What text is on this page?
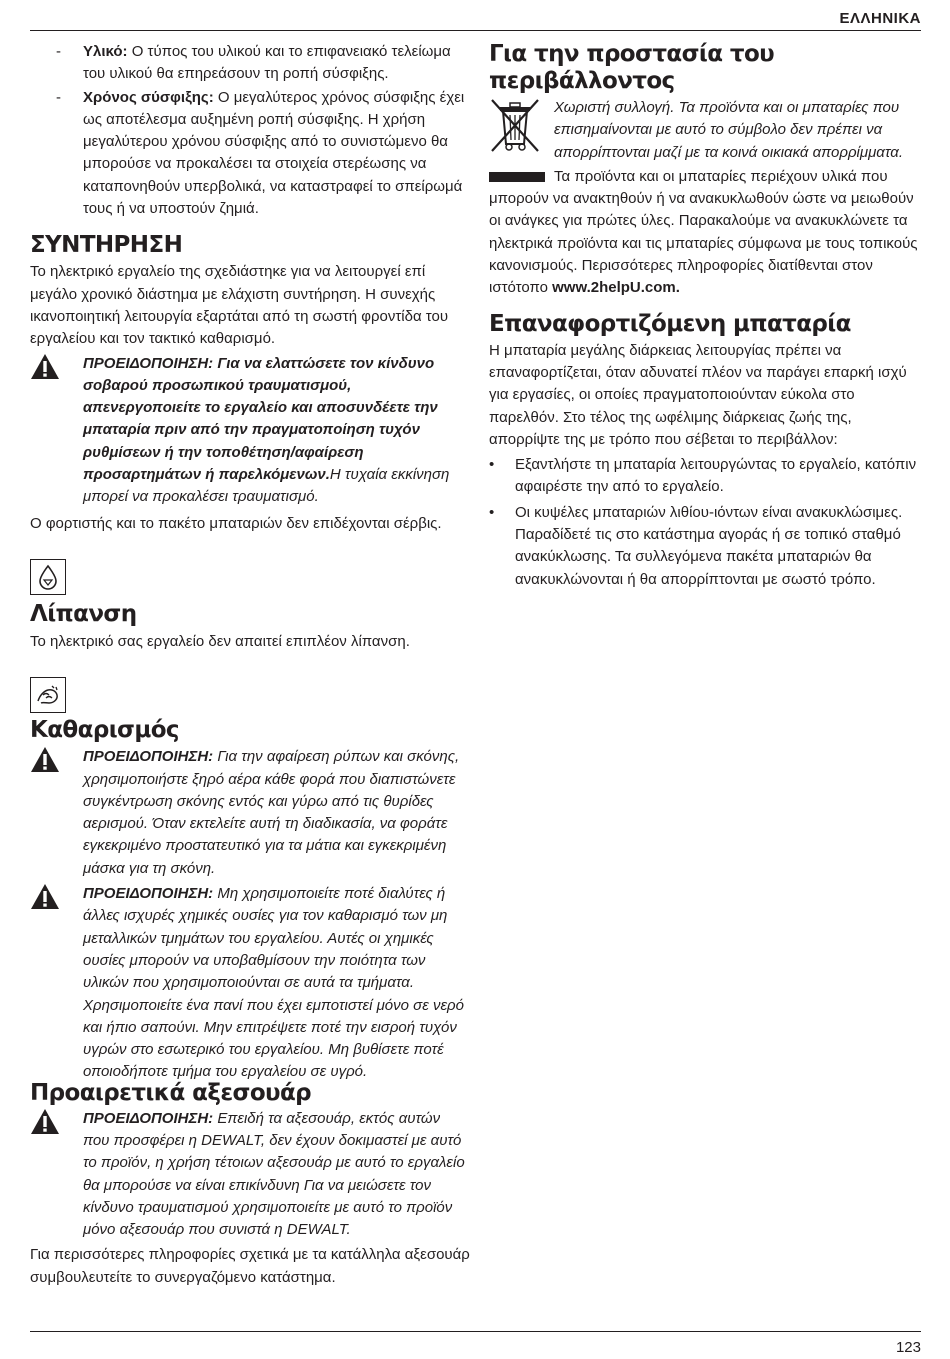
ΕΛΛΗΝΙΚΑ
- Υλικό: Ο τύπος του υλικού και το επιφανειακό τελείωμα του υλικού θα επηρεάσουν τη ροπή σύσφιξης.

- Χρόνος σύσφιξης: Ο μεγαλύτερος χρόνος σύσφιξης έχει ως αποτέλεσμα αυξημένη ροπή σύσφιξης. Η χρήση μεγαλύτερου χρόνου σύσφιξης από το συνιστώμενο θα μπορούσε να προκαλέσει τα στοιχεία στερέωσης να καταπονηθούν υπερβολικά, να καταστραφεί το σπείρωμά τους ή να υποστούν ζημιά.

ΣΥΝΤΗΡΗΣΗ

Το ηλεκτρικό εργαλείο της σχεδιάστηκε για να λειτουργεί επί μεγάλο χρονικό διάστημα με ελάχιστη συντήρηση. Η συνεχής ικανοποιητική λειτουργία εξαρτάται από τη σωστή φροντίδα του εργαλείου και τον τακτικό καθαρισμό.

ΠΡΟΕΙΔΟΠΟΙΗΣΗ: Για να ελαττώσετε τον κίνδυνο σοβαρού προσωπικού τραυματισμού, απενεργοποιείτε το εργαλείο και αποσυνδέετε την μπαταρία πριν από την πραγματοποίηση τυχόν ρυθμίσεων ή την τοποθέτηση/αφαίρεση προσαρτημάτων ή παρελκόμενων.Η τυχαία εκκίνηση μπορεί να προκαλέσει τραυματισμό.

Ο φορτιστής και το πακέτο μπαταριών δεν επιδέχονται σέρβις.

Λίπανση

Το ηλεκτρικό σας εργαλείο δεν απαιτεί επιπλέον λίπανση.

Καθαρισμός

ΠΡΟΕΙΔΟΠΟΙΗΣΗ: Για την αφαίρεση ρύπων και σκόνης, χρησιμοποιήστε ξηρό αέρα κάθε φορά που διαπιστώνετε συγκέντρωση σκόνης εντός και γύρω από τις θυρίδες αερισμού. Όταν εκτελείτε αυτή τη διαδικασία, να φοράτε εγκεκριμένο προστατευτικό για τα μάτια και εγκεκριμένη μάσκα για τη σκόνη.

ΠΡΟΕΙΔΟΠΟΙΗΣΗ: Μη χρησιμοποιείτε ποτέ διαλύτες ή άλλες ισχυρές χημικές ουσίες για τον καθαρισμό των μη μεταλλικών τμημάτων του εργαλείου. Αυτές οι χημικές ουσίες μπορούν να υποβαθμίσουν την ποιότητα των υλικών που χρησιμοποιούνται σε αυτά τα τμήματα. Χρησιμοποιείτε ένα πανί που έχει εμποτιστεί μόνο σε νερό και ήπιο σαπούνι. Μην επιτρέψετε ποτέ την εισροή τυχόν υγρών στο εσωτερικό του εργαλείου. Μη βυθίσετε ποτέ οποιοδήποτε τμήμα του εργαλείου σε υγρό.

Προαιρετικά αξεσουάρ

ΠΡΟΕΙΔΟΠΟΙΗΣΗ: Επειδή τα αξεσουάρ, εκτός αυτών που προσφέρει η DEWALT, δεν έχουν δοκιμαστεί με αυτό το προϊόν, η χρήση τέτοιων αξεσουάρ με αυτό το εργαλείο θα μπορούσε να είναι επικίνδυνη Για να μειώσετε τον κίνδυνο τραυματισμού χρησιμοποιείτε με αυτό το προϊόν μόνο αξεσουάρ που συνιστά η DEWALT.

Για περισσότερες πληροφορίες σχετικά με τα κατάλληλα αξεσουάρ συμβουλευτείτε το συνεργαζόμενο κατάστημα.

Για την προστασία του περιβάλλοντος

Χωριστή συλλογή. Τα προϊόντα και οι μπαταρίες που επισημαίνονται με αυτό το σύμβολο δεν πρέπει να απορρίπτονται μαζί με τα κοινά οικιακά απορρίμματα.

Τα προϊόντα και οι μπαταρίες περιέχουν υλικά που μπορούν να ανακτηθούν ή να ανακυκλωθούν ώστε να μειωθούν οι ανάγκες για πρώτες ύλες. Παρακαλούμε να ανακυκλώνετε τα ηλεκτρικά προϊόντα και τις μπαταρίες σύμφωνα με τους τοπικούς κανονισμούς. Περισσότερες πληροφορίες διατίθενται στον ιστότοπο www.2helpU.com.

Επαναφορτιζόμενη μπαταρία

Η μπαταρία μεγάλης διάρκειας λειτουργίας πρέπει να επαναφορτίζεται, όταν αδυνατεί πλέον να παράγει επαρκή ισχύ για εργασίες, οι οποίες πραγματοποιούνταν εύκολα στο παρελθόν. Στο τέλος της ωφέλιμης διάρκειας ζωής της, απορρίψτε της με τρόπο που σέβεται το περιβάλλον:

• Εξαντλήστε τη μπαταρία λειτουργώντας το εργαλείο, κατόπιν αφαιρέστε την από το εργαλείο.

• Οι κυψέλες μπαταριών λιθίου-ιόντων είναι ανακυκλώσιμες. Παραδίδετέ τις στο κατάστημα αγοράς ή σε τοπικό σταθμό ανακύκλωσης. Τα συλλεγόμενα πακέτα μπαταριών θα ανακυκλώνονται ή θα απορρίπτονται με σωστό τρόπο.

123
